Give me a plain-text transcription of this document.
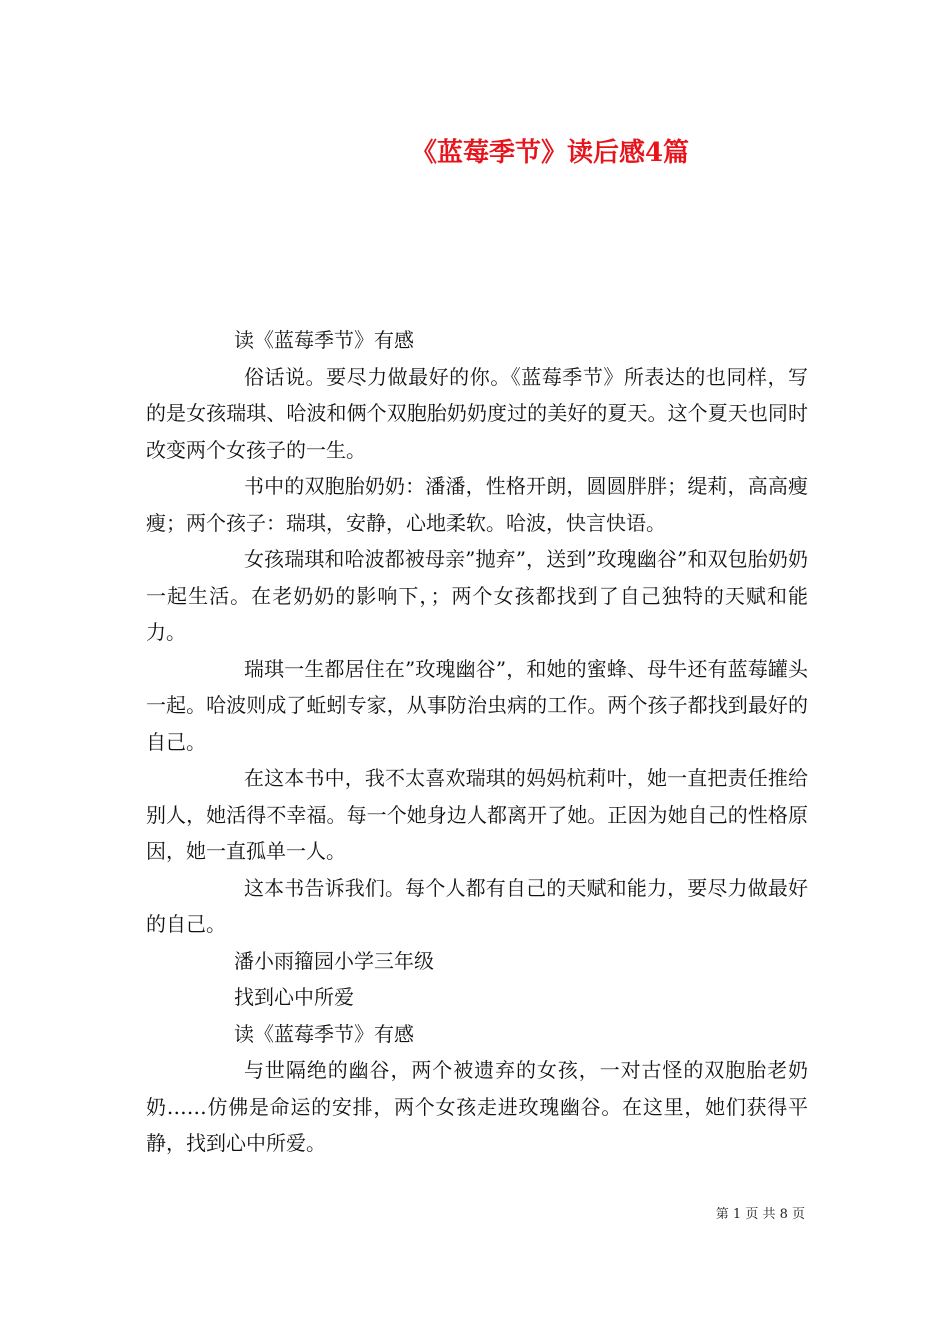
《蓝莓季节》读后感4篇

读《蓝莓季节》有感

俗话说。要尽力做最好的你。《蓝莓季节》所表达的也同样，写的是女孩瑞琪、哈波和俩个双胞胎奶奶度过的美好的夏天。这个夏天也同时改变两个女孩子的一生。

书中的双胞胎奶奶：潘潘，性格开朗，圆圆胖胖；缇莉，高高瘦瘦；两个孩子：瑞琪，安静，心地柔软。哈波，快言快语。

女孩瑞琪和哈波都被母亲”抛弃”，送到”玫瑰幽谷”和双包胎奶奶一起生活。在老奶奶的影响下，；两个女孩都找到了自己独特的天赋和能力。

瑞琪一生都居住在”玫瑰幽谷”，和她的蜜蜂、母牛还有蓝莓罐头一起。哈波则成了蚯蚓专家，从事防治虫病的工作。两个孩子都找到最好的自己。

在这本书中，我不太喜欢瑞琪的妈妈杭莉叶，她一直把责任推给别人，她活得不幸福。每一个她身边人都离开了她。正因为她自己的性格原因，她一直孤单一人。

这本书告诉我们。每个人都有自己的天赋和能力，要尽力做最好的自己。

潘小雨籀园小学三年级

找到心中所爱

读《蓝莓季节》有感

与世隔绝的幽谷，两个被遗弃的女孩，一对古怪的双胞胎老奶奶……仿佛是命运的安排，两个女孩走进玫瑰幽谷。在这里，她们获得平静，找到心中所爱。

第 1 页 共 8 页
